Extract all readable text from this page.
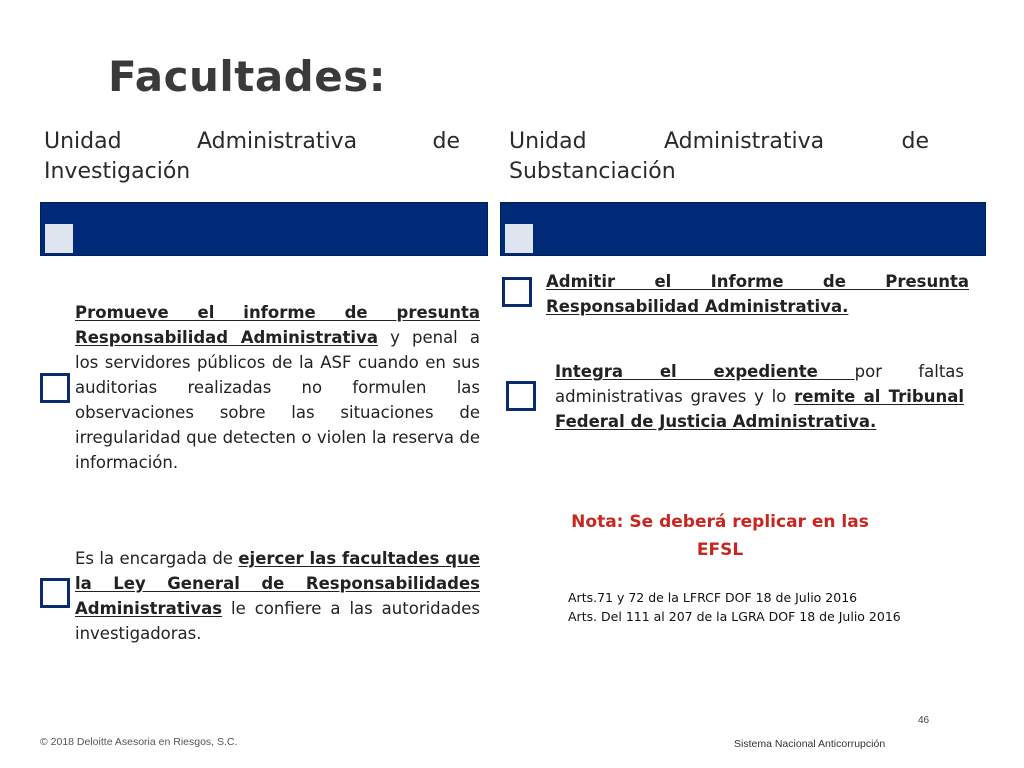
Facultades:
Unidad Administrativa de
Investigación
Unidad Administrativa de
Substanciación
Promueve el informe de presunta Responsabilidad Administrativa y penal a los servidores públicos de la ASF cuando en sus auditorias realizadas no formulen las observaciones sobre las situaciones de irregularidad que detecten o violen la reserva de información.
Es la encargada de ejercer las facultades que la Ley General de Responsabilidades Administrativas le confiere a las autoridades investigadoras.
Admitir el Informe de Presunta Responsabilidad Administrativa.
Integra el expediente por faltas administrativas graves y lo remite al Tribunal Federal de Justicia Administrativa.
Nota: Se deberá replicar en las EFSL
Arts.71 y 72 de la LFRCF DOF 18 de Julio 2016
Arts. Del 111 al 207 de la LGRA DOF 18 de Julio 2016
46
© 2018 Deloitte Asesoria en Riesgos, S.C.	Sistema Nacional Anticorrupción
